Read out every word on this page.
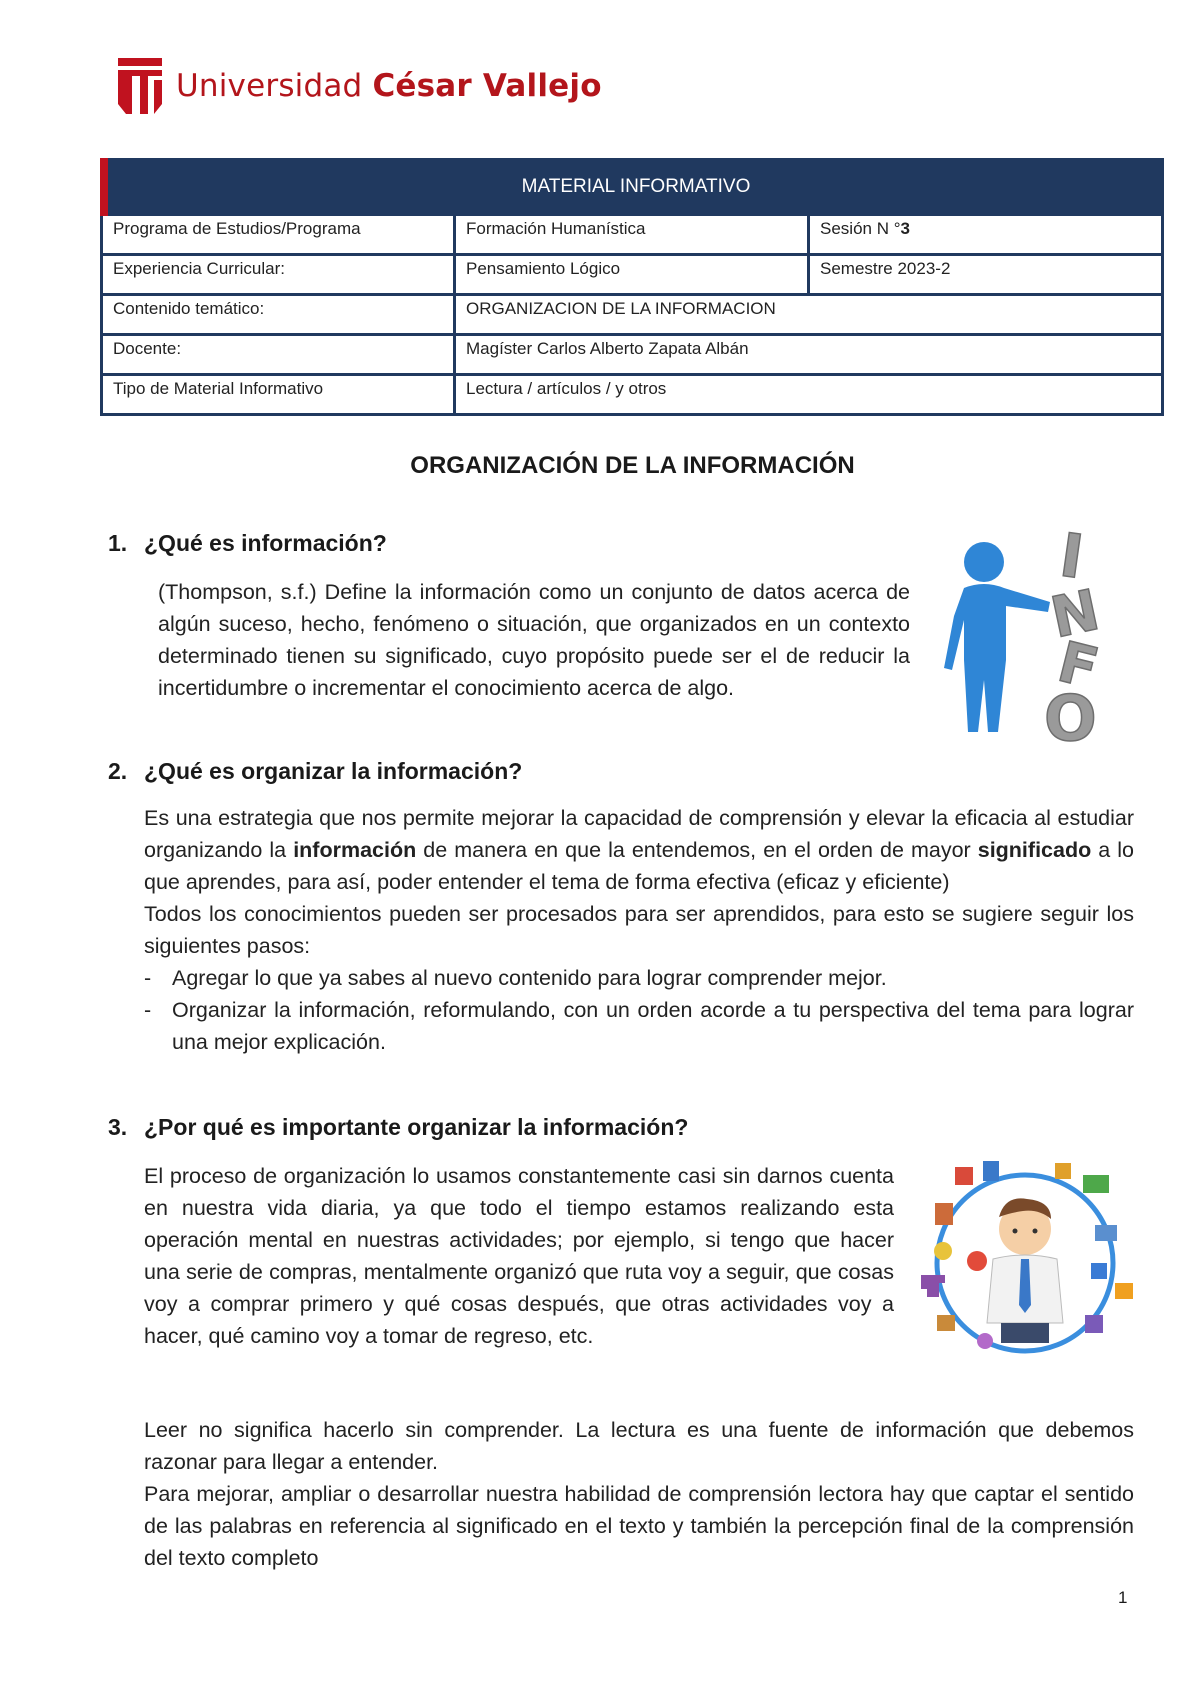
Universidad César Vallejo
MATERIAL INFORMATIVO
Programa de Estudios/Programa	Formación Humanística	Sesión N °3
Experiencia Curricular:	Pensamiento Lógico	Semestre 2023-2
Contenido temático:	ORGANIZACION DE LA INFORMACION
Docente:	Magíster Carlos Alberto Zapata Albán
Tipo de Material Informativo	Lectura / artículos / y otros
ORGANIZACIÓN DE LA INFORMACIÓN
1. ¿Qué es información?
(Thompson, s.f.) Define la información como un conjunto de datos acerca de algún suceso, hecho, fenómeno o situación, que organizados en un contexto determinado tienen su significado, cuyo propósito puede ser el de reducir la incertidumbre o incrementar el conocimiento acerca de algo.
I
N
F
O
2. ¿Qué es organizar la información?
Es una estrategia que nos permite mejorar la capacidad de comprensión y elevar la eficacia al estudiar organizando la información de manera en que la entendemos, en el orden de mayor significado a lo que aprendes, para así, poder entender el tema de forma efectiva (eficaz y eficiente)
Todos los conocimientos pueden ser procesados para ser aprendidos, para esto se sugiere seguir los siguientes pasos:
- Agregar lo que ya sabes al nuevo contenido para lograr comprender mejor.
- Organizar la información, reformulando, con un orden acorde a tu perspectiva del tema para lograr una mejor explicación.
3. ¿Por qué es importante organizar la información?
El proceso de organización lo usamos constantemente casi sin darnos cuenta en nuestra vida diaria, ya que todo el tiempo estamos realizando esta operación mental en nuestras actividades; por ejemplo, si tengo que hacer una serie de compras, mentalmente organizó que ruta voy a seguir, que cosas voy a comprar primero y qué cosas después, que otras actividades voy a hacer, qué camino voy a tomar de regreso, etc.
Leer no significa hacerlo sin comprender. La lectura es una fuente de información que debemos razonar para llegar a entender.
Para mejorar, ampliar o desarrollar nuestra habilidad de comprensión lectora hay que captar el sentido de las palabras en referencia al significado en el texto y también la percepción final de la comprensión del texto completo
1
